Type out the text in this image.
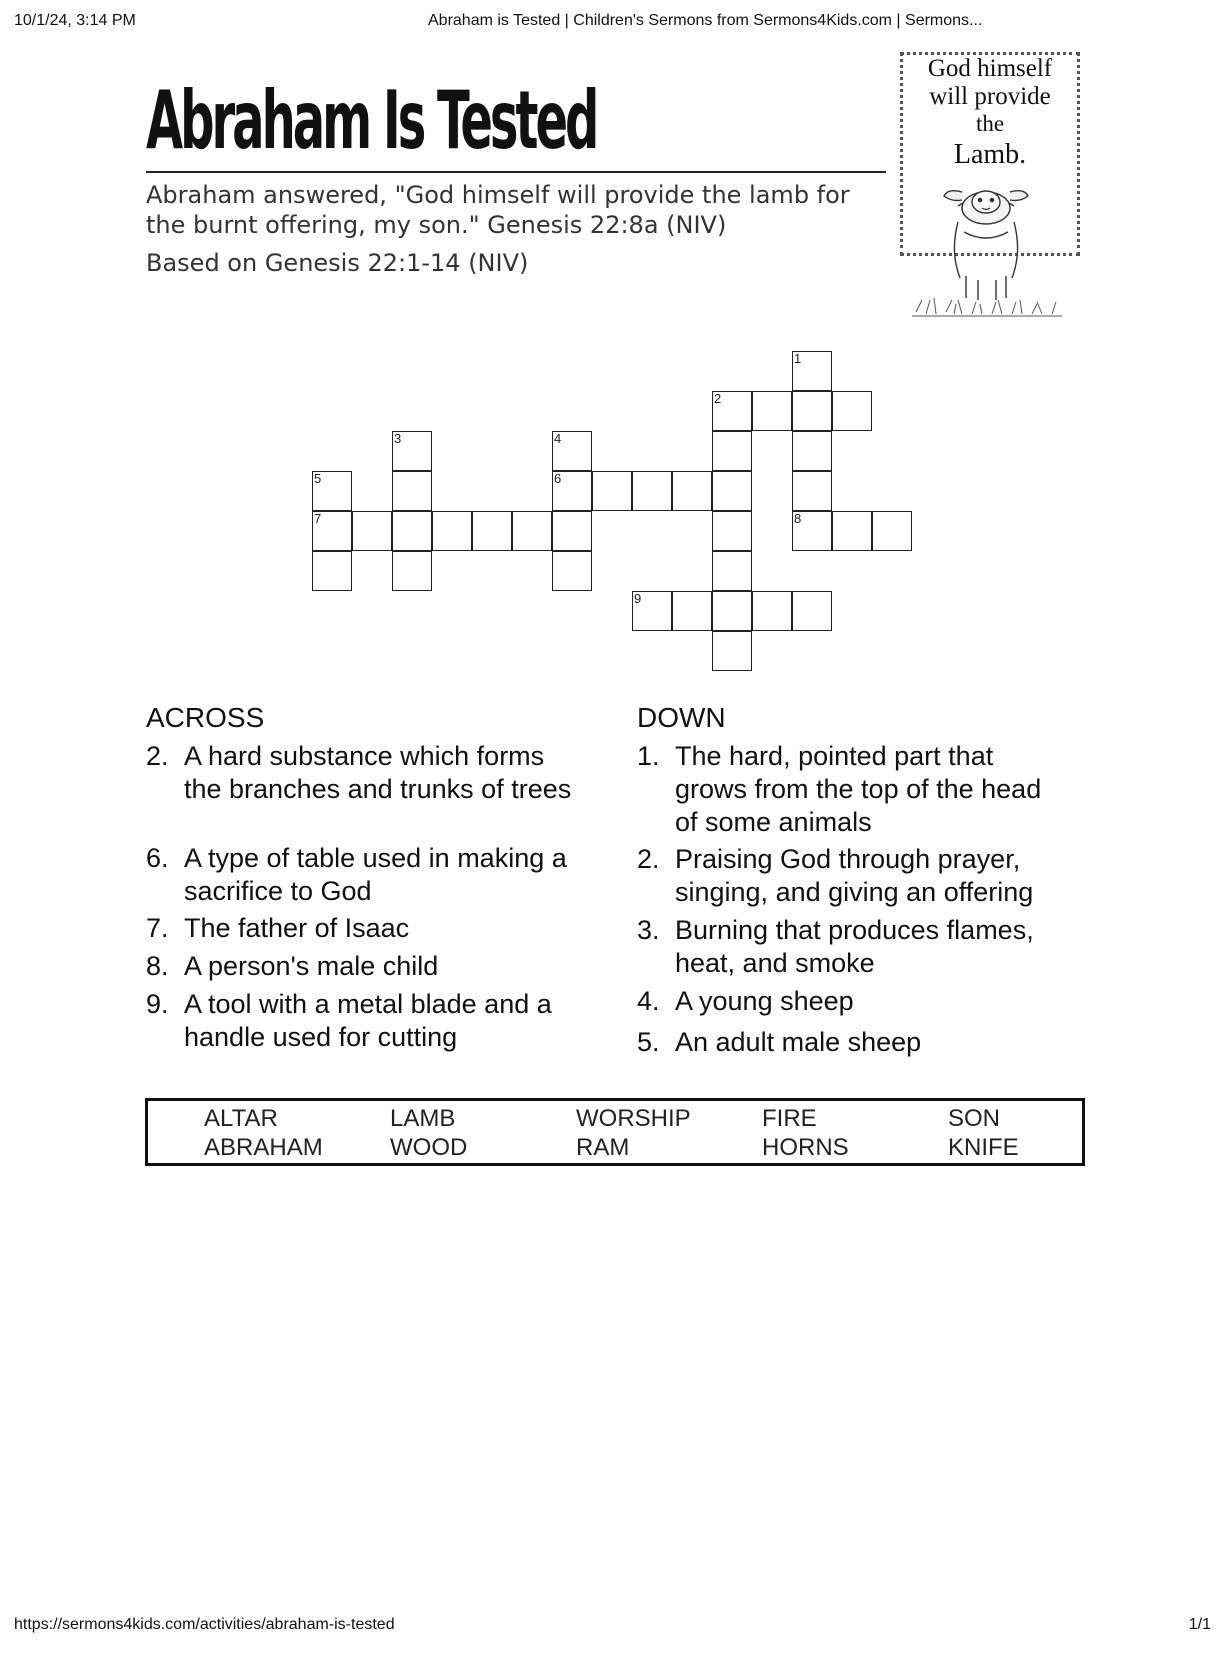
10/1/24, 3:14 PM	Abraham is Tested | Children's Sermons from Sermons4Kids.com | Sermons...
Abraham Is Tested
Abraham answered, "God himself will provide the lamb for
the burnt offering, my son." Genesis 22:8a (NIV)
Based on Genesis 22:1-14 (NIV)
God himself
will provide
the
Lamb.
1
2
3	4
5	6
7	8
9
ACROSS
2. A hard substance which forms
the branches and trunks of trees
6. A type of table used in making a
sacrifice to God
7. The father of Isaac
8. A person's male child
9. A tool with a metal blade and a
handle used for cutting
DOWN
1. The hard, pointed part that
grows from the top of the head
of some animals
2. Praising God through prayer,
singing, and giving an offering
3. Burning that produces flames,
heat, and smoke
4. A young sheep
5. An adult male sheep
ALTAR	LAMB	WORSHIP	FIRE	SON
ABRAHAM	WOOD	RAM	HORNS	KNIFE
https://sermons4kids.com/activities/abraham-is-tested	1/1
